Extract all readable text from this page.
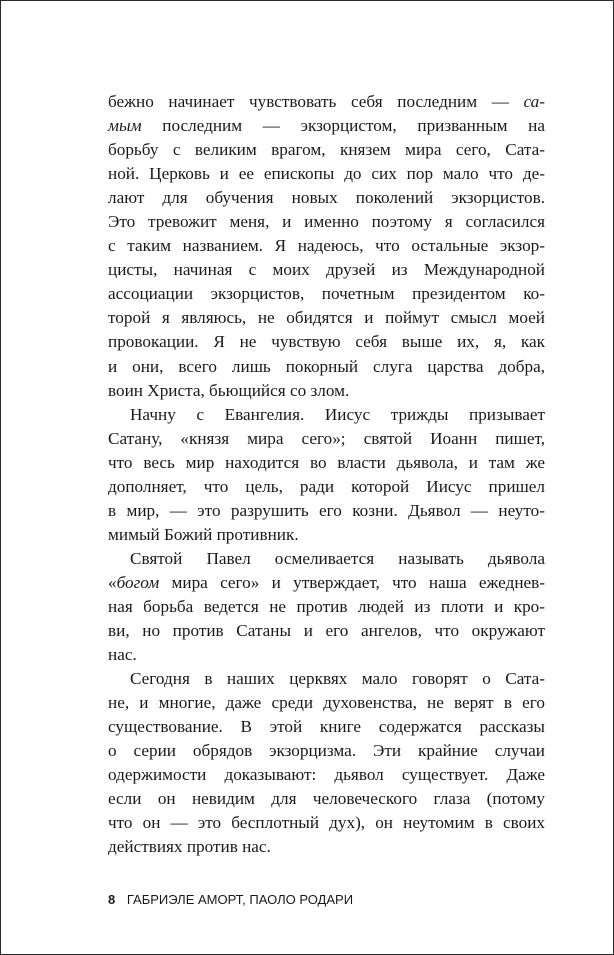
бежно начинает чувствовать себя последним — са-
мым последним — экзорцистом, призванным на
борьбу с великим врагом, князем мира сего, Сата-
ной. Церковь и ее епископы до сих пор мало что де-
лают для обучения новых поколений экзорцистов.
Это тревожит меня, и именно поэтому я согласился
с таким названием. Я надеюсь, что остальные экзор-
цисты, начиная с моих друзей из Международной
ассоциации экзорцистов, почетным президентом ко-
торой я являюсь, не обидятся и поймут смысл моей
провокации. Я не чувствую себя выше их, я, как
и они, всего лишь покорный слуга царства добра,
воин Христа, бьющийся со злом.
Начну с Евангелия. Иисус трижды призывает
Сатану, «князя мира сего»; святой Иоанн пишет,
что весь мир находится во власти дьявола, и там же
дополняет, что цель, ради которой Иисус пришел
в мир, — это разрушить его козни. Дьявол — неуто-
мимый Божий противник.
Святой Павел осмеливается называть дьявола
«богом мира сего» и утверждает, что наша ежеднев-
ная борьба ведется не против людей из плоти и кро-
ви, но против Сатаны и его ангелов, что окружают
нас.
Сегодня в наших церквях мало говорят о Сата-
не, и многие, даже среди духовенства, не верят в его
существование. В этой книге содержатся рассказы
о серии обрядов экзорцизма. Эти крайние случаи
одержимости доказывают: дьявол существует. Даже
если он невидим для человеческого глаза (потому
что он — это бесплотный дух), он неутомим в своих
действиях против нас.
8 ГАБРИЭЛЕ АМОРТ, ПАОЛО РОДАРИ
